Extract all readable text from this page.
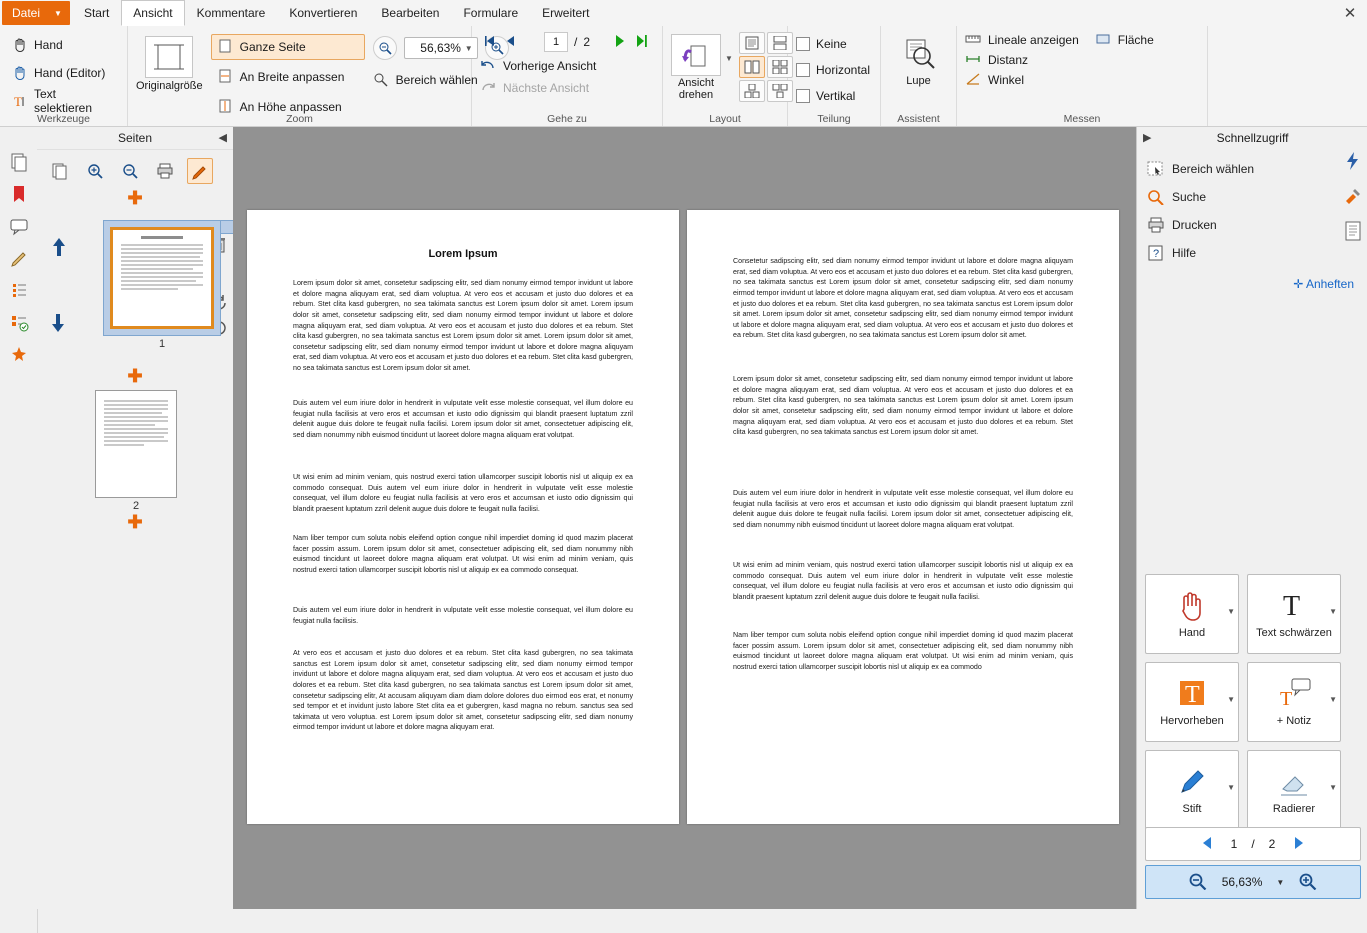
Datei ▼ Start Ansicht Kommentare Konvertieren Bearbeiten Formulare Erweitert	✕
Hand
Hand (Editor)
T Text selektieren
Werkzeuge
Originalgröße
Ganze Seite
An Breite anpassen
An Höhe anpassen
56,63% ▼
Bereich wählen
Zoom
1	/ 2
Vorherige Ansicht
Nächste Ansicht
Gehe zu
Ansicht
drehen
▼
Layout
Keine
Horizontal
Vertikal
Teilung
Lupe
Assistent
Lineale anzeigen
Distanz
Winkel
Fläche
Messen
Seiten	◀
✚
1
✚
2
✚
Lorem Ipsum
Lorem ipsum dolor sit amet, consetetur sadipscing elitr, sed diam nonumy eirmod tempor invidunt ut labore et dolore magna aliquyam erat, sed diam voluptua. At vero eos et accusam et justo duo dolores et ea rebum. Stet clita kasd gubergren, no sea takimata sanctus est Lorem ipsum dolor sit amet. Lorem ipsum dolor sit amet, consetetur sadipscing elitr, sed diam nonumy eirmod tempor invidunt ut labore et dolore magna aliquyam erat, sed diam voluptua. At vero eos et accusam et justo duo dolores et ea rebum. Stet clita kasd gubergren, no sea takimata sanctus est Lorem ipsum dolor sit amet. Lorem ipsum dolor sit amet, consetetur sadipscing elitr, sed diam nonumy eirmod tempor invidunt ut labore et dolore magna aliquyam erat, sed diam voluptua. At vero eos et accusam et justo duo dolores et ea rebum. Stet clita kasd gubergren, no sea takimata sanctus est Lorem ipsum dolor sit amet.
Duis autem vel eum iriure dolor in hendrerit in vulputate velit esse molestie consequat, vel illum dolore eu feugiat nulla facilisis at vero eros et accumsan et iusto odio dignissim qui blandit praesent luptatum zzril delenit augue duis dolore te feugait nulla facilisi. Lorem ipsum dolor sit amet, consectetuer adipiscing elit, sed diam nonummy nibh euismod tincidunt ut laoreet dolore magna aliquam erat volutpat.
Ut wisi enim ad minim veniam, quis nostrud exerci tation ullamcorper suscipit lobortis nisl ut aliquip ex ea commodo consequat. Duis autem vel eum iriure dolor in hendrerit in vulputate velit esse molestie consequat, vel illum dolore eu feugiat nulla facilisis at vero eros et accumsan et iusto odio dignissim qui blandit praesent luptatum zzril delenit augue duis dolore te feugait nulla facilisi.
Nam liber tempor cum soluta nobis eleifend option congue nihil imperdiet doming id quod mazim placerat facer possim assum. Lorem ipsum dolor sit amet, consectetuer adipiscing elit, sed diam nonummy nibh euismod tincidunt ut laoreet dolore magna aliquam erat volutpat. Ut wisi enim ad minim veniam, quis nostrud exerci tation ullamcorper suscipit lobortis nisl ut aliquip ex ea commodo consequat.
Duis autem vel eum iriure dolor in hendrerit in vulputate velit esse molestie consequat, vel illum dolore eu feugiat nulla facilisis.
At vero eos et accusam et justo duo dolores et ea rebum. Stet clita kasd gubergren, no sea takimata sanctus est Lorem ipsum dolor sit amet, consetetur sadipscing elitr, sed diam nonumy eirmod tempor invidunt ut labore et dolore magna aliquyam erat, sed diam voluptua. At vero eos et accusam et justo duo dolores et ea rebum. Stet clita kasd gubergren, no sea takimata sanctus est Lorem ipsum dolor sit amet, consetetur sadipscing elitr, At accusam aliquyam diam diam dolore dolores duo eirmod eos erat, et nonumy sed tempor et et invidunt justo labore Stet clita ea et gubergren, kasd magna no rebum. sanctus sea sed takimata ut vero voluptua. est Lorem ipsum dolor sit amet, consetetur sadipscing elitr, sed diam nonumy eirmod tempor invidunt ut labore et dolore magna aliquyam erat.
Consetetur sadipscing elitr, sed diam nonumy eirmod tempor invidunt ut labore et dolore magna aliquyam erat, sed diam voluptua. At vero eos et accusam et justo duo dolores et ea rebum. Stet clita kasd gubergren, no sea takimata sanctus est Lorem ipsum dolor sit amet, consetetur sadipscing elitr, sed diam nonumy eirmod tempor invidunt ut labore et dolore magna aliquyam erat, sed diam voluptua. At vero eos et accusam et justo duo dolores et ea rebum. Stet clita kasd gubergren, no sea takimata sanctus est Lorem ipsum dolor sit amet. Lorem ipsum dolor sit amet, consetetur sadipscing elitr, sed diam nonumy eirmod tempor invidunt ut labore et dolore magna aliquyam erat, sed diam voluptua. At vero eos et accusam et justo duo dolores et ea rebum. Stet clita kasd gubergren, no sea takimata sanctus est Lorem ipsum dolor sit amet.
Lorem ipsum dolor sit amet, consetetur sadipscing elitr, sed diam nonumy eirmod tempor invidunt ut labore et dolore magna aliquyam erat, sed diam voluptua. At vero eos et accusam et justo duo dolores et ea rebum. Stet clita kasd gubergren, no sea takimata sanctus est Lorem ipsum dolor sit amet. Lorem ipsum dolor sit amet, consetetur sadipscing elitr, sed diam nonumy eirmod tempor invidunt ut labore et dolore magna aliquyam erat, sed diam voluptua. At vero eos et accusam et justo duo dolores et ea rebum. Stet clita kasd gubergren, no sea takimata sanctus est Lorem ipsum dolor sit amet.
Duis autem vel eum iriure dolor in hendrerit in vulputate velit esse molestie consequat, vel illum dolore eu feugiat nulla facilisis at vero eros et accumsan et iusto odio dignissim qui blandit praesent luptatum zzril delenit augue duis dolore te feugait nulla facilisi. Lorem ipsum dolor sit amet, consectetuer adipiscing elit, sed diam nonummy nibh euismod tincidunt ut laoreet dolore magna aliquam erat volutpat.
Ut wisi enim ad minim veniam, quis nostrud exerci tation ullamcorper suscipit lobortis nisl ut aliquip ex ea commodo consequat. Duis autem vel eum iriure dolor in hendrerit in vulputate velit esse molestie consequat, vel illum dolore eu feugiat nulla facilisis at vero eros et accumsan et iusto odio dignissim qui blandit praesent luptatum zzril delenit augue duis dolore te feugait nulla facilisi.
Nam liber tempor cum soluta nobis eleifend option congue nihil imperdiet doming id quod mazim placerat facer possim assum. Lorem ipsum dolor sit amet, consectetuer adipiscing elit, sed diam nonummy nibh euismod tincidunt ut laoreet dolore magna aliquam erat volutpat. Ut wisi enim ad minim veniam, quis nostrud exerci tation ullamcorper suscipit lobortis nisl ut aliquip ex ea commodo
▶	Schnellzugriff
Bereich wählen
Suche
Drucken
? Hilfe
✛ Anheften
Hand
▼ T
Text schwärzen
▼
T
Hervorheben
▼ T
+ Notiz
▼
Stift
▼
Radierer
▼
1 / 2
56,63% ▼
